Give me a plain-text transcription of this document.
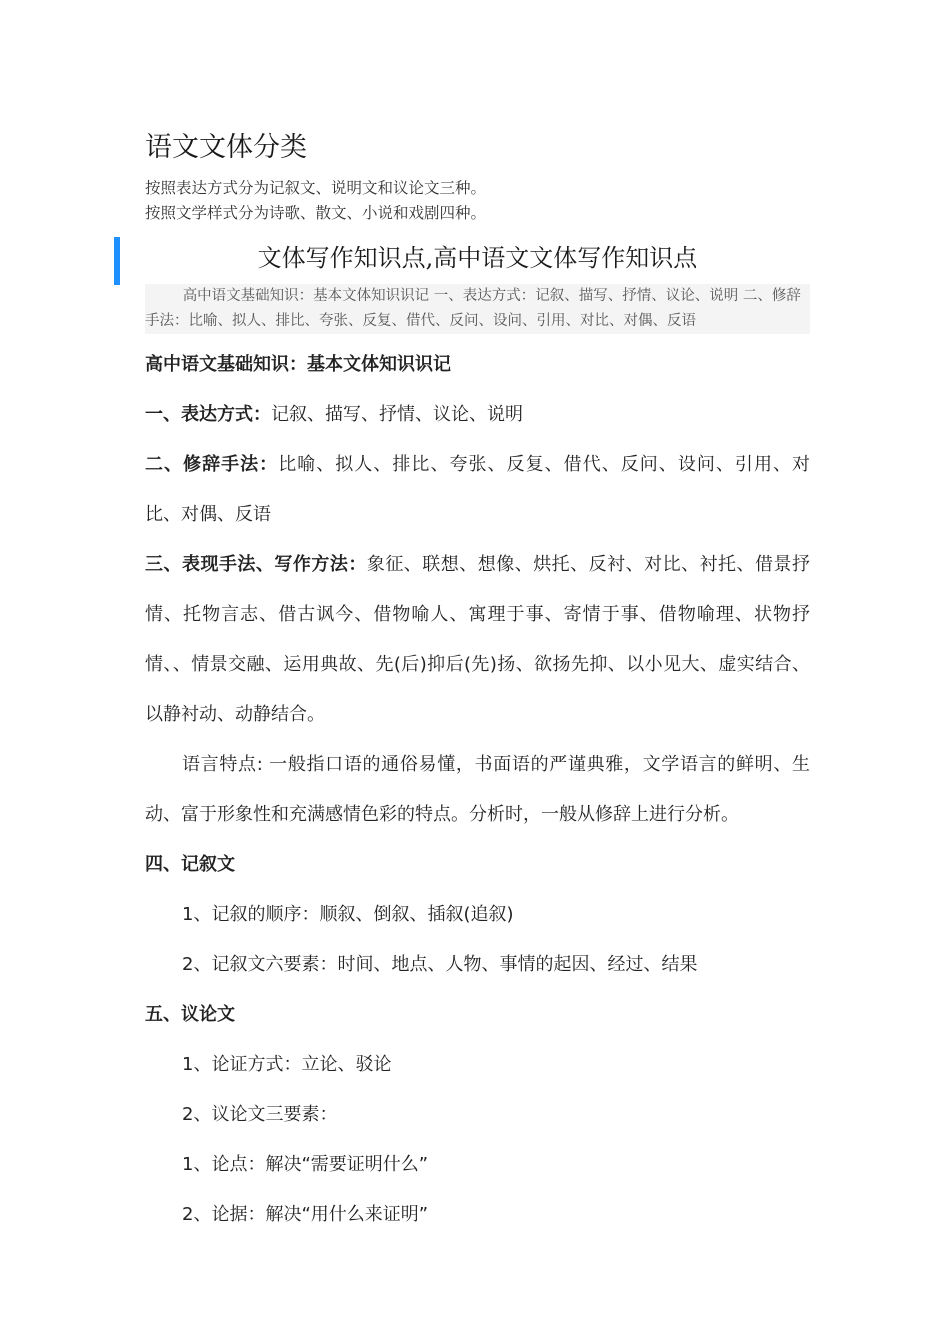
语文文体分类

按照表达方式分为记叙文、说明文和议论文三种。

按照文学样式分为诗歌、散文、小说和戏剧四种。

文体写作知识点,高中语文文体写作知识点
高中语文基础知识：基本文体知识识记 一、表达方式：记叙、描写、抒情、议论、说明 二、修辞手法：比喻、拟人、排比、夸张、反复、借代、反问、设问、引用、对比、对偶、反语

高中语文基础知识：基本文体知识识记

一、表达方式：记叙、描写、抒情、议论、说明

二、修辞手法：比喻、拟人、排比、夸张、反复、借代、反问、设问、引用、对比、对偶、反语

三、表现手法、写作方法：象征、联想、想像、烘托、反衬、对比、衬托、借景抒情、托物言志、借古讽今、借物喻人、寓理于事、寄情于事、借物喻理、状物抒情、、情景交融、运用典故、先(后)抑后(先)扬、欲扬先抑、以小见大、虚实结合、以静衬动、动静结合。

语言特点: 一般指口语的通俗易懂，书面语的严谨典雅，文学语言的鲜明、生动、富于形象性和充满感情色彩的特点。分析时，一般从修辞上进行分析。

四、记叙文

1、记叙的顺序：顺叙、倒叙、插叙(追叙)

2、记叙文六要素：时间、地点、人物、事情的起因、经过、结果

五、议论文

1、论证方式：立论、驳论

2、议论文三要素：

1、论点：解决“需要证明什么”

2、论据：解决“用什么来证明”
